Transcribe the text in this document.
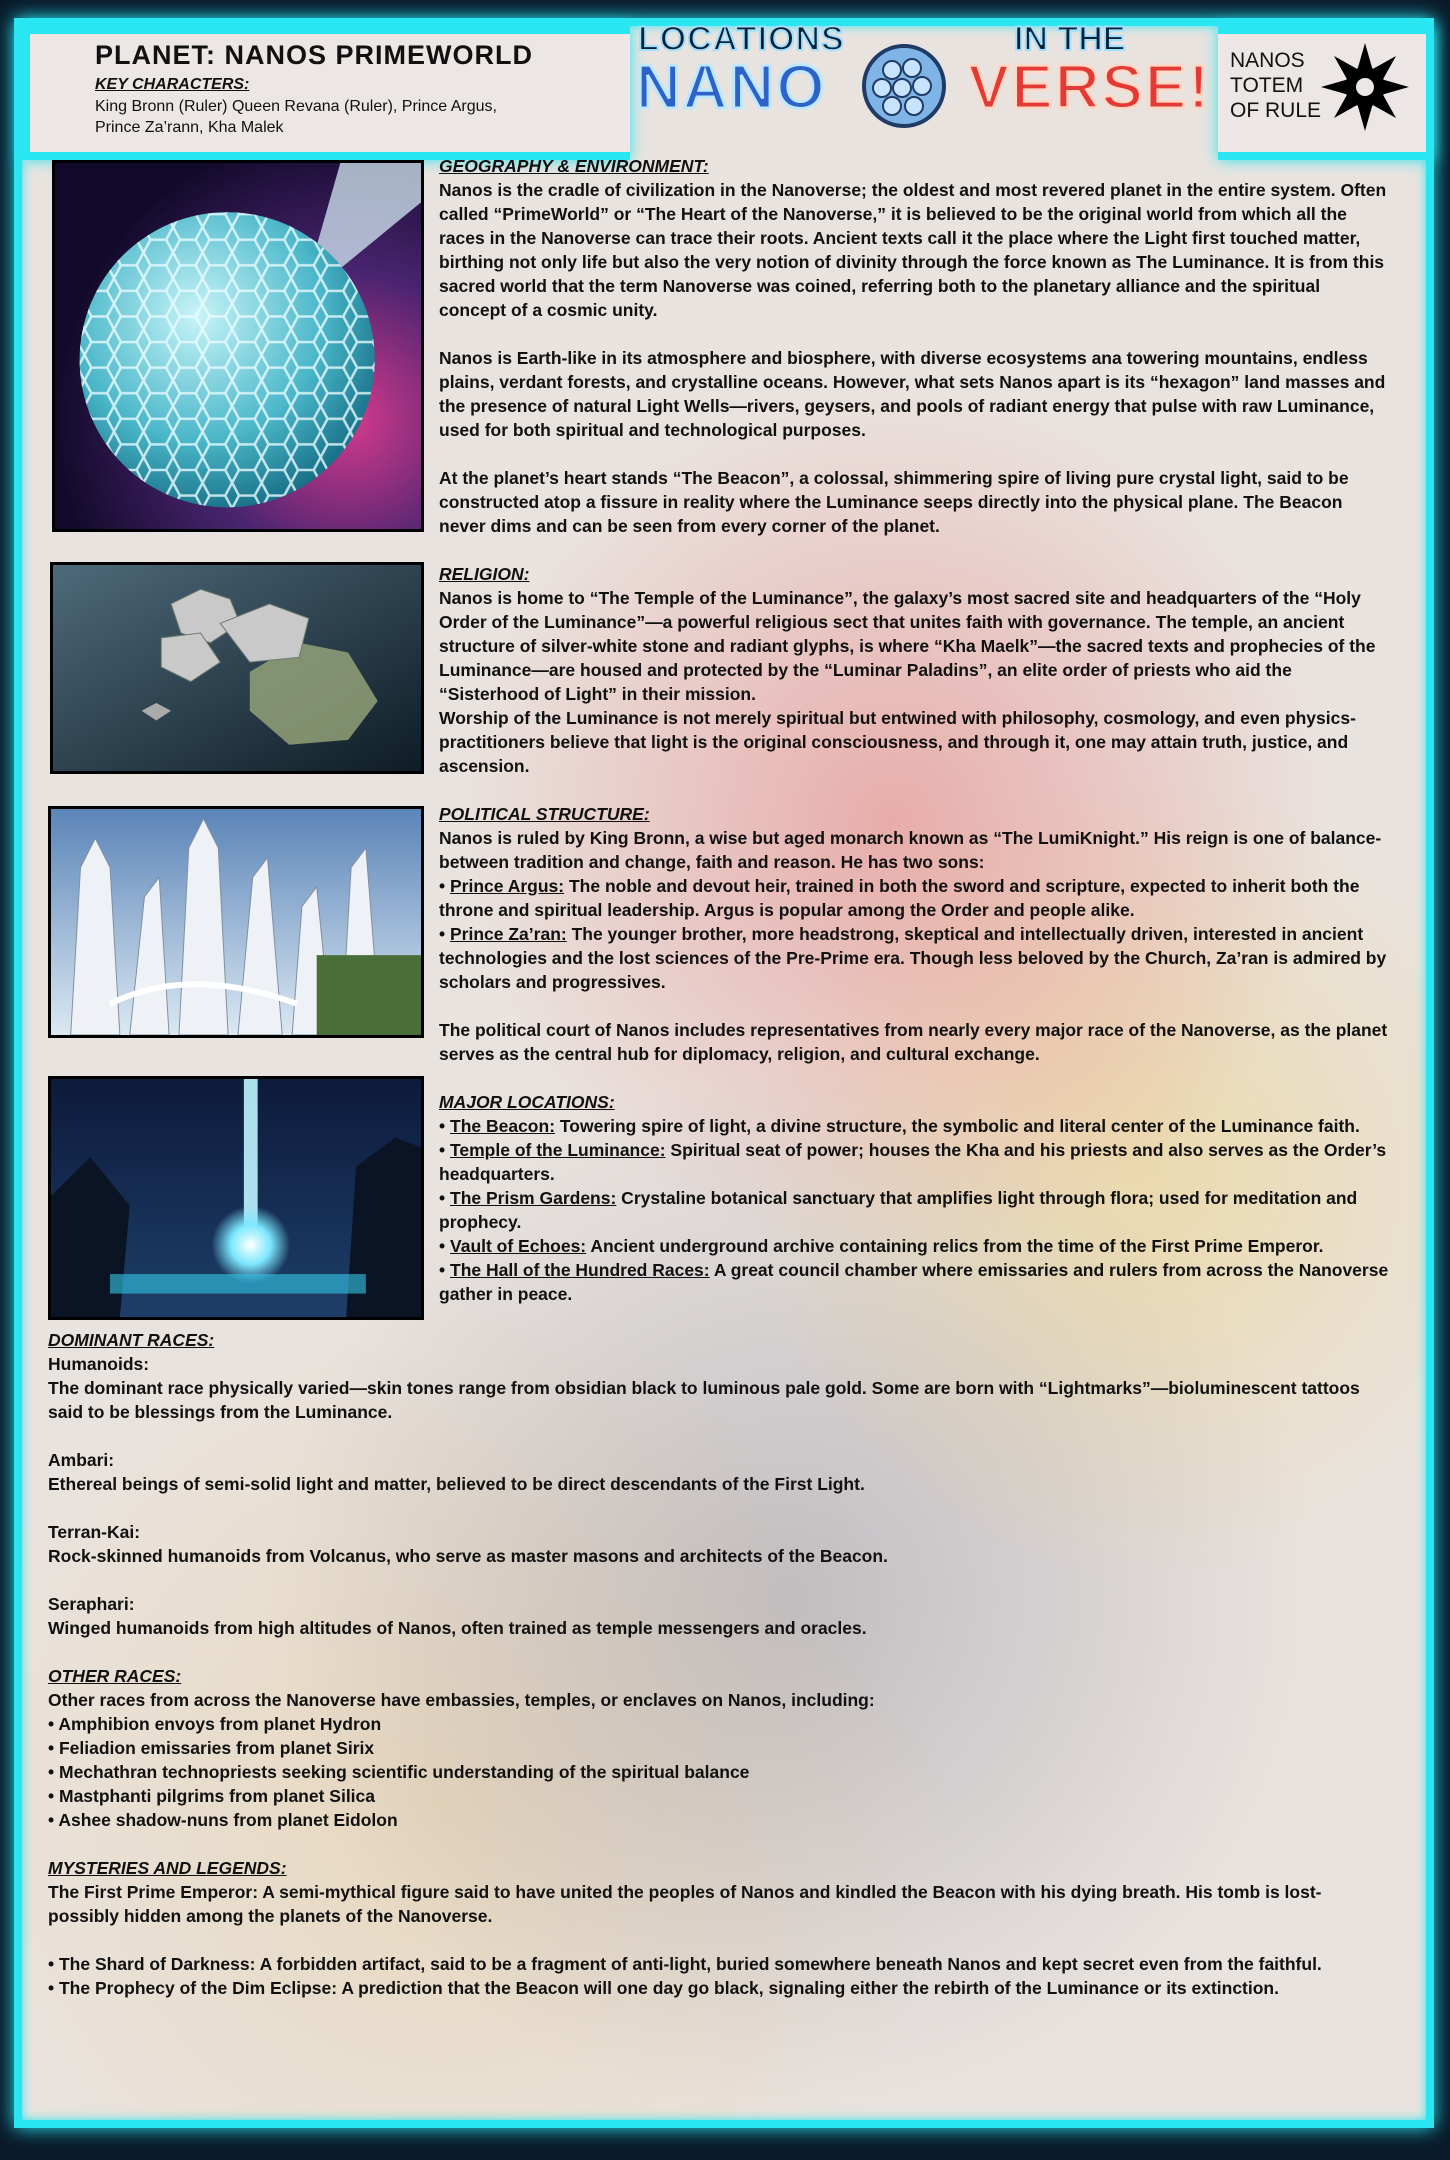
PLANET: NANOS PRIMEWORLD
KEY CHARACTERS:
King Bronn (Ruler) Queen Revana (Ruler), Prince Argus, Prince Za’rann, Kha Malek
LOCATIONS	IN THE
NANO VERSE! NANOS
TOTEM
OF RULE

GEOGRAPHY & ENVIRONMENT:

Nanos is the cradle of civilization in the Nanoverse; the oldest and most revered planet in the entire system. Often called “PrimeWorld” or “The Heart of the Nanoverse,” it is believed to be the original world from which all the races in the Nanoverse can trace their roots. Ancient texts call it the place where the Light first touched matter, birthing not only life but also the very notion of divinity through the force known as The Luminance. It is from this sacred world that the term Nanoverse was coined, referring both to the planetary alliance and the spiritual concept of a cosmic unity.

Nanos is Earth-like in its atmosphere and biosphere, with diverse ecosystems ana towering mountains, endless plains, verdant forests, and crystalline oceans. However, what sets Nanos apart is its “hexagon” land masses and the presence of natural Light Wells—rivers, geysers, and pools of radiant energy that pulse with raw Luminance, used for both spiritual and technological purposes.

At the planet’s heart stands “The Beacon”, a colossal, shimmering spire of living pure crystal light, said to be constructed atop a fissure in reality where the Luminance seeps directly into the physical plane. The Beacon never dims and can be seen from every corner of the planet.

RELIGION:

Nanos is home to “The Temple of the Luminance”, the galaxy’s most sacred site and headquarters of the “Holy Order of the Luminance”—a powerful religious sect that unites faith with governance. The temple, an ancient structure of silver-white stone and radiant glyphs, is where “Kha Maelk”—the sacred texts and prophecies of the Luminance—are housed and protected by the “Luminar Paladins”, an elite order of priests who aid the “Sisterhood of Light” in their mission.

Worship of the Luminance is not merely spiritual but entwined with philosophy, cosmology, and even physics-practitioners believe that light is the original consciousness, and through it, one may attain truth, justice, and ascension.

POLITICAL STRUCTURE:

Nanos is ruled by King Bronn, a wise but aged monarch known as “The LumiKnight.” His reign is one of balance-between tradition and change, faith and reason. He has two sons:

• Prince Argus: The noble and devout heir, trained in both the sword and scripture, expected to inherit both the throne and spiritual leadership. Argus is popular among the Order and people alike.

• Prince Za’ran: The younger brother, more headstrong, skeptical and intellectually driven, interested in ancient technologies and the lost sciences of the Pre-Prime era. Though less beloved by the Church, Za’ran is admired by scholars and progressives.

The political court of Nanos includes representatives from nearly every major race of the Nanoverse, as the planet serves as the central hub for diplomacy, religion, and cultural exchange.

MAJOR LOCATIONS:

• The Beacon: Towering spire of light, a divine structure, the symbolic and literal center of the Luminance faith.

• Temple of the Luminance: Spiritual seat of power; houses the Kha and his priests and also serves as the Order’s headquarters.

• The Prism Gardens: Crystaline botanical sanctuary that amplifies light through flora; used for meditation and prophecy.

• Vault of Echoes: Ancient underground archive containing relics from the time of the First Prime Emperor.

• The Hall of the Hundred Races: A great council chamber where emissaries and rulers from across the Nanoverse gather in peace.

DOMINANT RACES:

Humanoids:

The dominant race physically varied—skin tones range from obsidian black to luminous pale gold. Some are born with “Lightmarks”—bioluminescent tattoos said to be blessings from the Luminance.

Ambari:

Ethereal beings of semi-solid light and matter, believed to be direct descendants of the First Light.

Terran-Kai:

Rock-skinned humanoids from Volcanus, who serve as master masons and architects of the Beacon.

Seraphari:

Winged humanoids from high altitudes of Nanos, often trained as temple messengers and oracles.

OTHER RACES:

Other races from across the Nanoverse have embassies, temples, or enclaves on Nanos, including:

• Amphibion envoys from planet Hydron

• Feliadion emissaries from planet Sirix

• Mechathran technopriests seeking scientific understanding of the spiritual balance

• Mastphanti pilgrims from planet Silica

• Ashee shadow-nuns from planet Eidolon

MYSTERIES AND LEGENDS:

The First Prime Emperor: A semi-mythical figure said to have united the peoples of Nanos and kindled the Beacon with his dying breath. His tomb is lost-possibly hidden among the planets of the Nanoverse.

• The Shard of Darkness: A forbidden artifact, said to be a fragment of anti-light, buried somewhere beneath Nanos and kept secret even from the faithful.

• The Prophecy of the Dim Eclipse: A prediction that the Beacon will one day go black, signaling either the rebirth of the Luminance or its extinction.
